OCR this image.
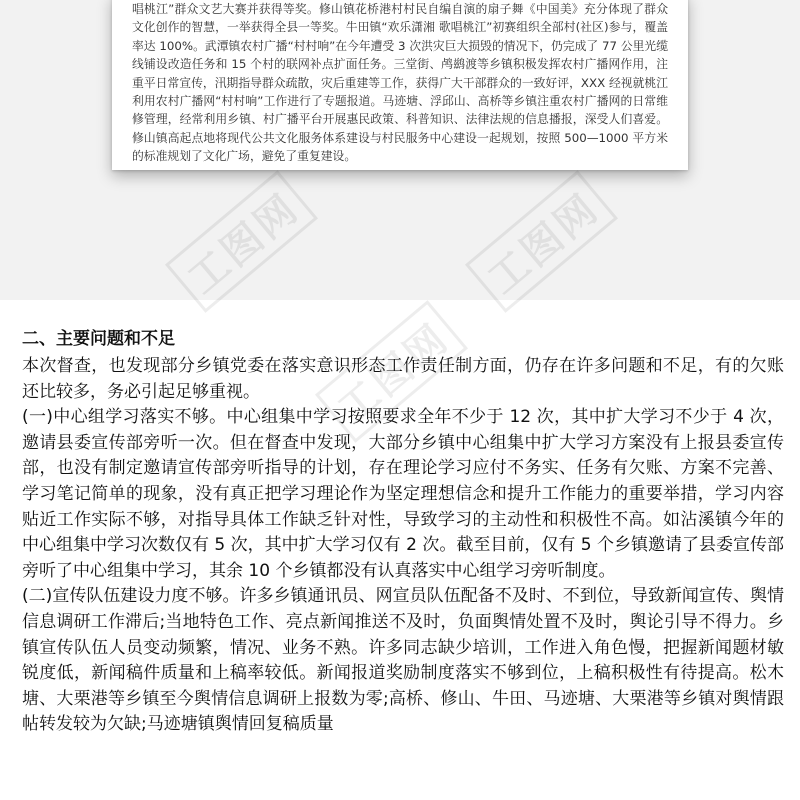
唱桃江”群众文艺大赛并获得等奖。修山镇花桥港村村民自编自演的扇子舞《中国美》充分体现了群众文化创作的智慧，一举获得全县一等奖。牛田镇“欢乐潇湘 歌唱桃江”初赛组织全部村(社区)参与，覆盖率达 100%。武潭镇农村广播“村村响”在今年遭受 3 次洪灾巨大损毁的情况下，仍完成了 77 公里光缆线铺设改造任务和 15 个村的联网补点扩面任务。三堂街、鸬鹚渡等乡镇积极发挥农村广播网作用，注重平日常宣传，汛期指导群众疏散，灾后重建等工作，获得广大干部群众的一致好评，XXX 经视就桃江利用农村广播网“村村响”工作进行了专题报道。马迹塘、浮邱山、高桥等乡镇注重农村广播网的日常维修管理，经常利用乡镇、村广播平台开展惠民政策、科普知识、法律法规的信息播报，深受人们喜爱。修山镇高起点地将现代公共文化服务体系建设与村民服务中心建设一起规划，按照 500—1000 平方米的标准规划了文化广场，避免了重复建设。

工图网
二、主要问题和不足

本次督查，也发现部分乡镇党委在落实意识形态工作责任制方面，仍存在许多问题和不足，有的欠账还比较多，务必引起足够重视。

(一)中心组学习落实不够。中心组集中学习按照要求全年不少于 12 次，其中扩大学习不少于 4 次，邀请县委宣传部旁听一次。但在督查中发现，大部分乡镇中心组集中扩大学习方案没有上报县委宣传部，也没有制定邀请宣传部旁听指导的计划，存在理论学习应付不务实、任务有欠账、方案不完善、学习笔记简单的现象，没有真正把学习理论作为坚定理想信念和提升工作能力的重要举措，学习内容贴近工作实际不够，对指导具体工作缺乏针对性，导致学习的主动性和积极性不高。如沾溪镇今年的中心组集中学习次数仅有 5 次，其中扩大学习仅有 2 次。截至目前，仅有 5 个乡镇邀请了县委宣传部旁听了中心组集中学习，其余 10 个乡镇都没有认真落实中心组学习旁听制度。

(二)宣传队伍建设力度不够。许多乡镇通讯员、网宣员队伍配备不及时、不到位，导致新闻宣传、舆情信息调研工作滞后;当地特色工作、亮点新闻推送不及时，负面舆情处置不及时，舆论引导不得力。乡镇宣传队伍人员变动频繁，情况、业务不熟。许多同志缺少培训，工作进入角色慢，把握新闻题材敏锐度低，新闻稿件质量和上稿率较低。新闻报道奖励制度落实不够到位，上稿积极性有待提高。松木塘、大栗港等乡镇至今舆情信息调研上报数为零;高桥、修山、牛田、马迹塘、大栗港等乡镇对舆情跟帖转发较为欠缺;马迹塘镇舆情回复稿质量
